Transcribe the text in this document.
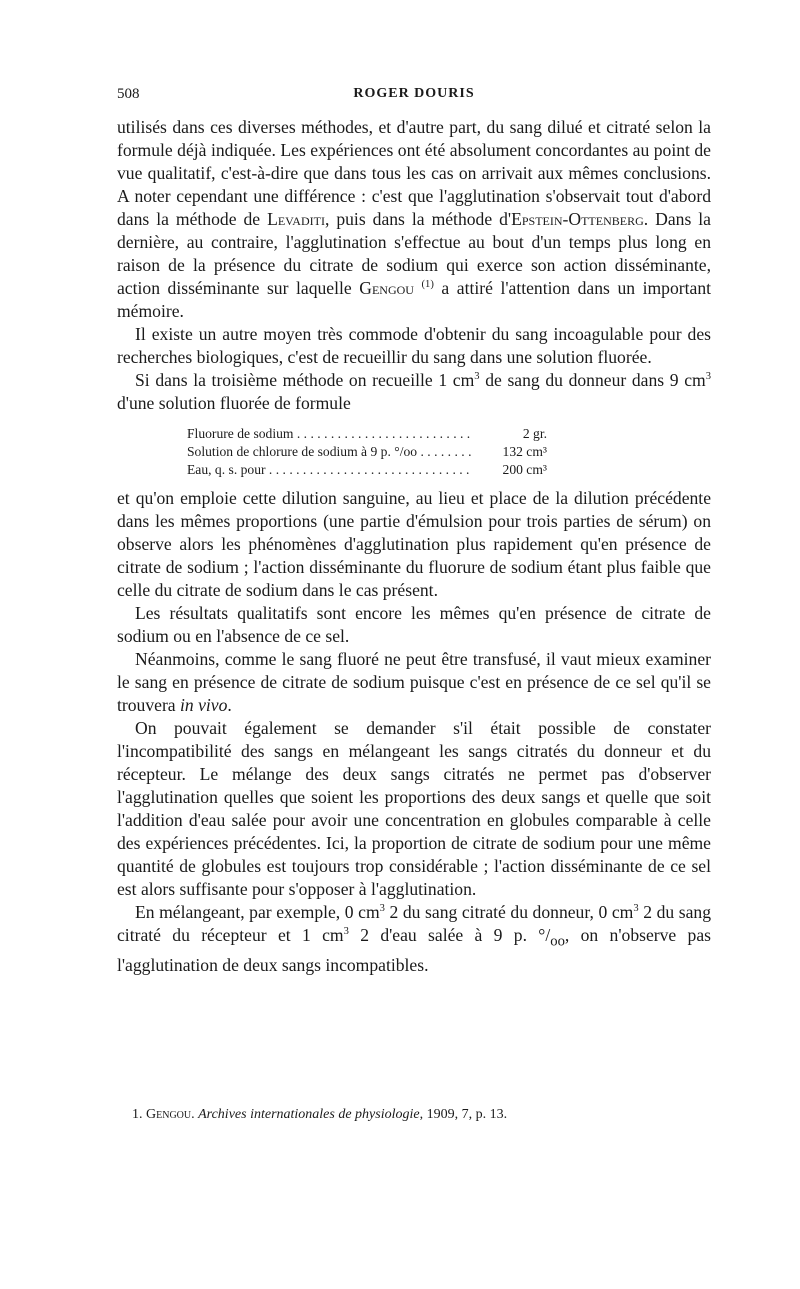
508	ROGER DOURIS

utilisés dans ces diverses méthodes, et d'autre part, du sang dilué et citraté selon la formule déjà indiquée. Les expériences ont été absolument concordantes au point de vue qualitatif, c'est-à-dire que dans tous les cas on arrivait aux mêmes conclusions. A noter cependant une différence : c'est que l'agglutination s'observait tout d'abord dans la méthode de Levaditi, puis dans la méthode d'Epstein-Ottenberg. Dans la dernière, au contraire, l'agglutination s'effectue au bout d'un temps plus long en raison de la présence du citrate de sodium qui exerce son action disséminante, action disséminante sur laquelle Gengou $^{(1)}$ a attiré l'attention dans un important mémoire.

Il existe un autre moyen très commode d'obtenir du sang incoagulable pour des recherches biologiques, c'est de recueillir du sang dans une solution fluorée.

Si dans la troisième méthode on recueille 1 $cm^3$ de sang du donneur dans 9 $cm^3$ d'une solution fluorée de formule

Fluorure de sodium . . .	2 gr.
Solution de chlorure de sodium à 9 p. °/oo . . .	132 cm³
Eau, q. s. pour . . .	200 cm³

et qu'on emploie cette dilution sanguine, au lieu et place de la dilution précédente dans les mêmes proportions (une partie d'émulsion pour trois parties de sérum) on observe alors les phénomènes d'agglutination plus rapidement qu'en présence de citrate de sodium ; l'action disséminante du fluorure de sodium étant plus faible que celle du citrate de sodium dans le cas présent.

Les résultats qualitatifs sont encore les mêmes qu'en présence de citrate de sodium ou en l'absence de ce sel.

Néanmoins, comme le sang fluoré ne peut être transfusé, il vaut mieux examiner le sang en présence de citrate de sodium puisque c'est en présence de ce sel qu'il se trouvera in vivo.

On pouvait également se demander s'il était possible de constater l'incompatibilité des sangs en mélangeant les sangs citratés du donneur et du récepteur. Le mélange des deux sangs citratés ne permet pas d'observer l'agglutination quelles que soient les proportions des deux sangs et quelle que soit l'addition d'eau salée pour avoir une concentration en globules comparable à celle des expériences précédentes. Ici, la proportion de citrate de sodium pour une même quantité de globules est toujours trop considérable ; l'action disséminante de ce sel est alors suffisante pour s'opposer à l'agglutination.

En mélangeant, par exemple, 0 $cm^3$ 2 du sang citraté du donneur, 0 $cm^3$ 2 du sang citraté du récepteur et 1 $cm^3$ 2 d'eau salée à 9 p. $^\circ/_{oo}$, on n'observe pas l'agglutination de deux sangs incompatibles.

1. Gengou. Archives internationales de physiologie, 1909, 7, p. 13.
